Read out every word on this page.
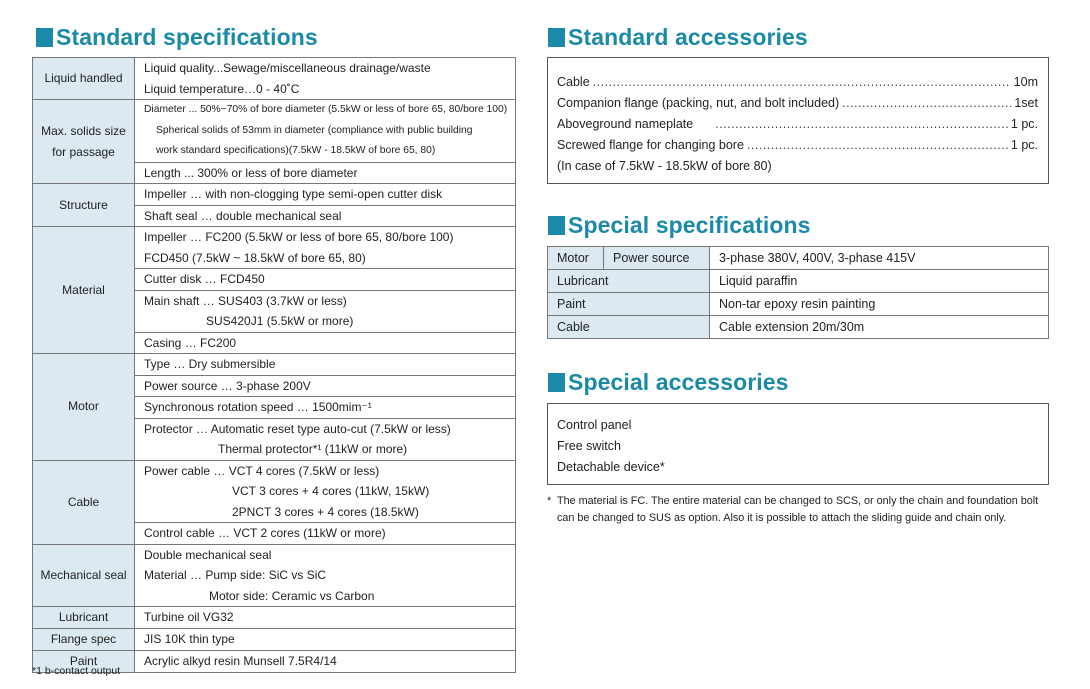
Standard specifications	Standard accessories
Special specifications
Special accessories
Liquid handled	Liquid quality...Sewage/miscellaneous drainage/waste
Liquid temperature…0 - 40˚C

Max. solids size
for passage	Diameter ... 50%~70% of bore diameter (5.5kW or less of bore 65, 80/bore 100)
Spherical solids of 53mm in diameter (compliance with public building
work standard specifications)(7.5kW - 18.5kW of bore 65, 80)

	Length ... 300% or less of bore diameter

Structure	Impeller … with non-clogging type semi-open cutter disk

	Shaft seal … double mechanical seal

Material	Impeller … FC200 (5.5kW or less of bore 65, 80/bore 100)
FCD450 (7.5kW ~ 18.5kW of bore 65, 80)

	Cutter disk … FCD450

	Main shaft … SUS403 (3.7kW or less)
SUS420J1 (5.5kW or more)

	Casing … FC200

Motor	Type … Dry submersible

	Power source … 3-phase 200V

	Synchronous rotation speed … 1500mim⁻¹

	Protector … Automatic reset type auto-cut (7.5kW or less)
Thermal protector*¹ (11kW or more)

Cable	Power cable … VCT 4 cores (7.5kW or less)
VCT 3 cores + 4 cores (11kW, 15kW)
2PNCT 3 cores + 4 cores (18.5kW)

	Control cable … VCT 2 cores (11kW or more)

Mechanical seal	Double mechanical seal
Material … Pump side: SiC vs SiC
Motor side: Ceramic vs Carbon

Lubricant	Turbine oil VG32

Flange spec	JIS 10K thin type

Paint	Acrylic alkyd resin Munsell 7.5R4/14
*1 b-contact output
Cable .....	10m
Companion flange (packing, nut, and bolt included) .....	1set
Aboveground nameplate .....	1 pc.
Screwed flange for changing bore .....	1 pc.
(In case of 7.5kW - 18.5kW of bore 80)
Motor	Power source	3-phase 380V, 400V, 3-phase 415V
Lubricant		Liquid paraffin
Paint		Non-tar epoxy resin painting
Cable		Cable extension 20m/30m
Control panel
Free switch
Detachable device*
* The material is FC. The entire material can be changed to SCS, or only the chain and foundation bolt can be changed to SUS as option. Also it is possible to attach the sliding guide and chain only.
